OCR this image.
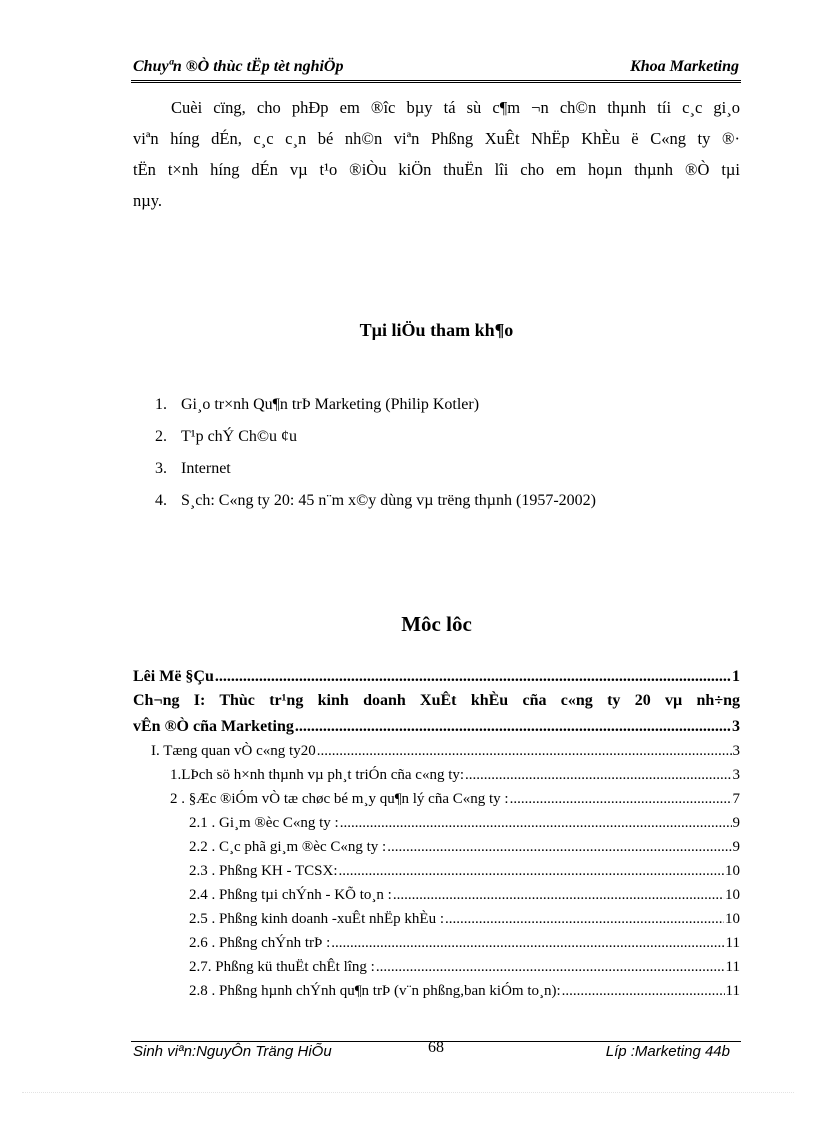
Chuyªn ®Ò thùc tËp tèt nghiÖp	Khoa Marketing
Cuèi cïng, cho phÐp em ®îc bµy tá sù c¶m ¬n ch©n thµnh tíi c¸c gi¸o
viªn híng dÉn, c¸c c¸n bé nh©n viªn Phßng XuÊt NhËp KhÈu ë C«ng ty ®·
tËn t×nh híng dÉn vµ t¹o ®iÒu kiÖn thuËn lîi cho em hoµn thµnh ®Ò tµi
nµy.
Tµi liÖu tham kh¶o
1. Gi¸o tr×nh Qu¶n trÞ Marketing (Philip Kotler)
2. T¹p chÝ Ch©u ¢u
3. Internet
4. S¸ch: C«ng ty 20: 45 n¨m x©y dùng vµ trëng thµnh (1957-2002)
Môc lôc
Lêi Më §Çu .....	1
Ch¬ng I: Thùc tr¹ng kinh doanh XuÊt khÈu cña c«ng ty 20 vµ nh÷ng
vÊn ®Ò cña Marketing .....	3
I. Tæng quan vÒ c«ng ty20 .....	3
1.LÞch sö h×nh thµnh vµ ph¸t triÓn cña c«ng ty: .....	3
2 . §Æc ®iÓm vÒ tæ chøc bé m¸y qu¶n lý cña C«ng ty : .....	7
2.1 . Gi¸m ®èc C«ng ty : .....	9
2.2 . C¸c phã gi¸m ®èc C«ng ty : .....	9
2.3 . Phßng KH - TCSX: .....	10
2.4 . Phßng tµi chÝnh - KÕ to¸n : .....	10
2.5 . Phßng kinh doanh -xuÊt nhËp khÈu : .....	10
2.6 . Phßng chÝnh trÞ : .....	11
2.7. Phßng kü thuËt chÊt lîng : .....	11
2.8 . Phßng hµnh chÝnh qu¶n trÞ (v¨n phßng,ban kiÓm to¸n): .....	11
Sinh viªn:NguyÔn Träng HiÕu	68	Líp :Marketing 44b
